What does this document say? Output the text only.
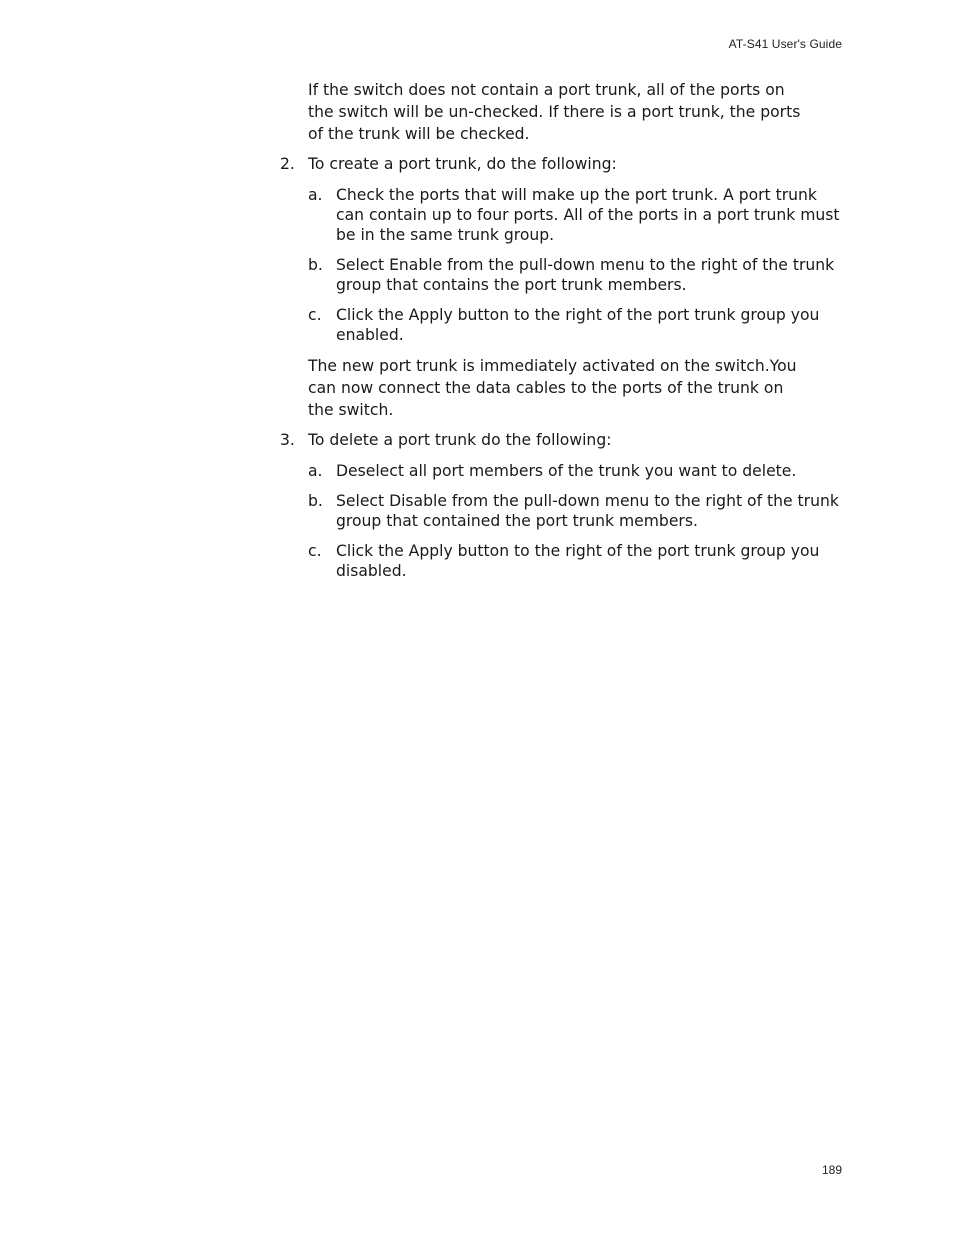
AT-S41 User's Guide

If the switch does not contain a port trunk, all of the ports on the switch will be un-checked. If there is a port trunk, the ports of the trunk will be checked.

2. To create a port trunk, do the following:
a. Check the ports that will make up the port trunk. A port trunk can contain up to four ports. All of the ports in a port trunk must be in the same trunk group.
b. Select Enable from the pull-down menu to the right of the trunk group that contains the port trunk members.
c. Click the Apply button to the right of the port trunk group you enabled.

The new port trunk is immediately activated on the switch.You can now connect the data cables to the ports of the trunk on the switch.

3. To delete a port trunk do the following:
a. Deselect all port members of the trunk you want to delete.
b. Select Disable from the pull-down menu to the right of the trunk group that contained the port trunk members.
c. Click the Apply button to the right of the port trunk group you disabled.
189
